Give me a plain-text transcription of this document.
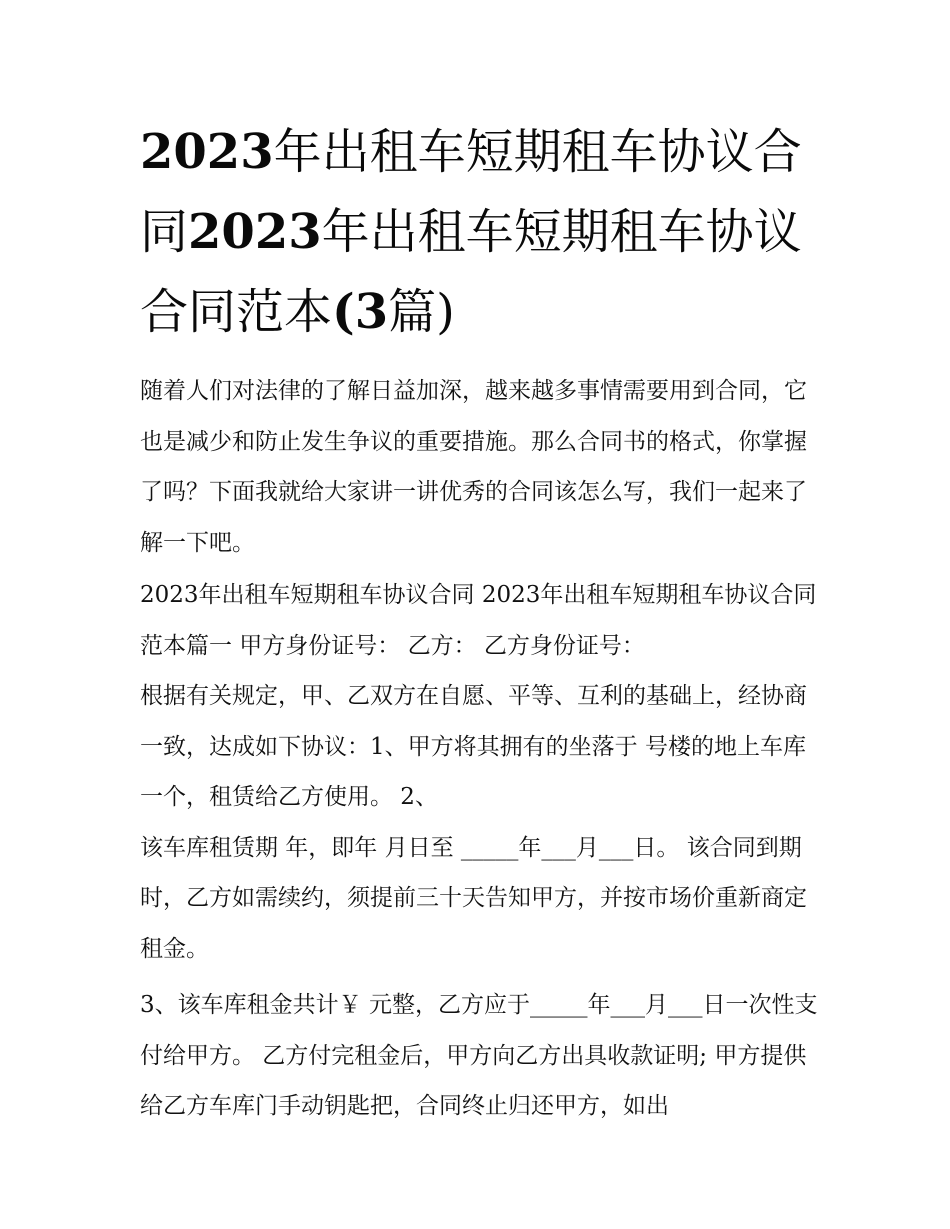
2023年出租车短期租车协议合同2023年出租车短期租车协议合同范本(3篇)

随着人们对法律的了解日益加深，越来越多事情需要用到合同，它也是减少和防止发生争议的重要措施。那么合同书的格式，你掌握了吗？下面我就给大家讲一讲优秀的合同该怎么写，我们一起来了解一下吧。

2023年出租车短期租车协议合同 2023年出租车短期租车协议合同范本篇一 甲方身份证号： 乙方： 乙方身份证号：

根据有关规定，甲、乙双方在自愿、平等、互利的基础上，经协商一致，达成如下协议：1、甲方将其拥有的坐落于 号楼的地上车库一个，租赁给乙方使用。 2、

该车库租赁期 年，即年 月日至 _____年___月___日。 该合同到期时，乙方如需续约，须提前三十天告知甲方，并按市场价重新商定租金。

3、该车库租金共计￥ 元整，乙方应于_____年___月___日一次性支付给甲方。 乙方付完租金后，甲方向乙方出具收款证明; 甲方提供给乙方车库门手动钥匙把，合同终止归还甲方，如出
